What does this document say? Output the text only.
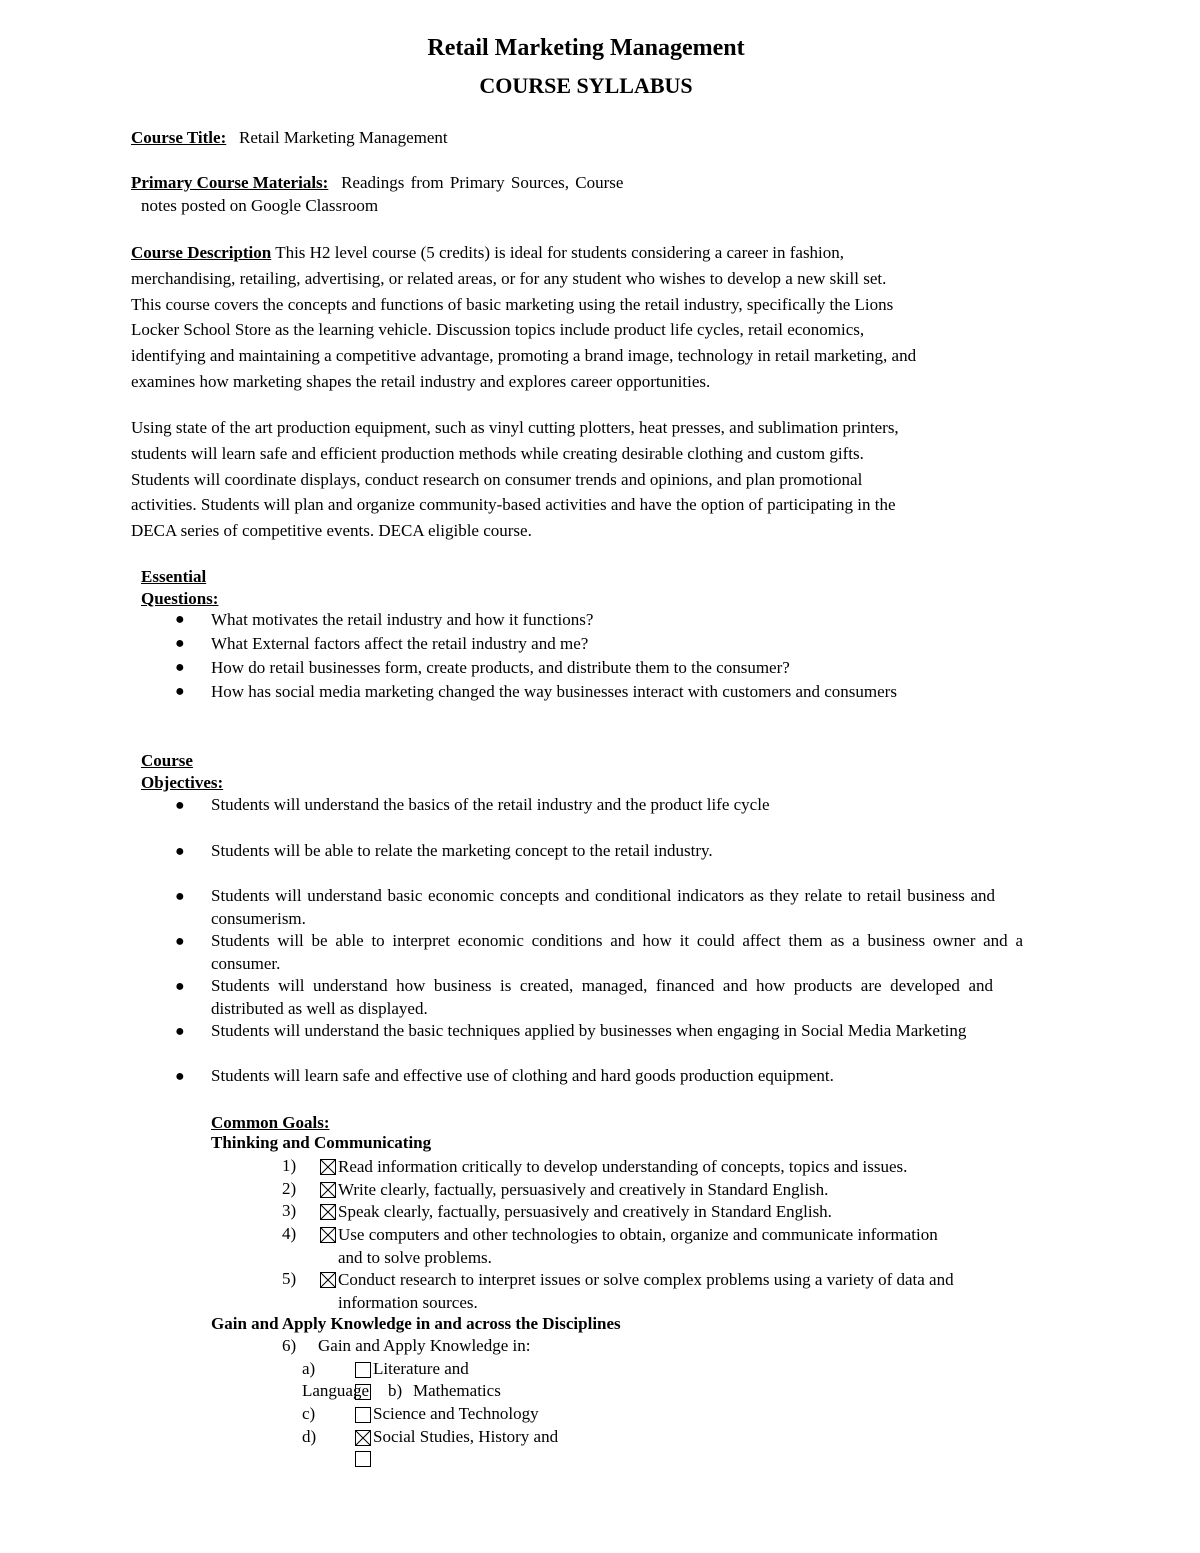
Retail Marketing Management
COURSE SYLLABUS
Course Title: Retail Marketing Management
Primary Course Materials: Readings from Primary Sources, Course
notes posted on Google Classroom
Course Description This H2 level course (5 credits) is ideal for students considering a career in fashion,
merchandising, retailing, advertising, or related areas, or for any student who wishes to develop a new skill set.
This course covers the concepts and functions of basic marketing using the retail industry, specifically the Lions
Locker School Store as the learning vehicle. Discussion topics include product life cycles, retail economics,
identifying and maintaining a competitive advantage, promoting a brand image, technology in retail marketing, and
examines how marketing shapes the retail industry and explores career opportunities.
Using state of the art production equipment, such as vinyl cutting plotters, heat presses, and sublimation printers,
students will learn safe and efficient production methods while creating desirable clothing and custom gifts.
Students will coordinate displays, conduct research on consumer trends and opinions, and plan promotional
activities. Students will plan and organize community-based activities and have the option of participating in the
DECA series of competitive events. DECA eligible course.
Essential
Questions:
● What motivates the retail industry and how it functions?
● What External factors affect the retail industry and me?
● How do retail businesses form, create products, and distribute them to the consumer?
● How has social media marketing changed the way businesses interact with customers and consumers
Course
Objectives:
● Students will understand the basics of the retail industry and the product life cycle
● Students will be able to relate the marketing concept to the retail industry.
● Students will understand basic economic concepts and conditional indicators as they relate to retail business and consumerism.
● Students will be able to interpret economic conditions and how it could affect them as a business owner and a consumer.
● Students will understand how business is created, managed, financed and how products are developed and distributed as well as displayed.
● Students will understand the basic techniques applied by businesses when engaging in Social Media Marketing
● Students will learn safe and effective use of clothing and hard goods production equipment.
Common Goals:
Thinking and Communicating
1) Read information critically to develop understanding of concepts, topics and issues.
2) Write clearly, factually, persuasively and creatively in Standard English.
3) Speak clearly, factually, persuasively and creatively in Standard English.
4) Use computers and other technologies to obtain, organize and communicate information and to solve problems.
5) Conduct research to interpret issues or solve complex problems using a variety of data and information sources.
Gain and Apply Knowledge in and across the Disciplines
6) Gain and Apply Knowledge in:
a)	Literature and
Language b) Mathematics
c)	Science and Technology
d)	Social Studies, History and
